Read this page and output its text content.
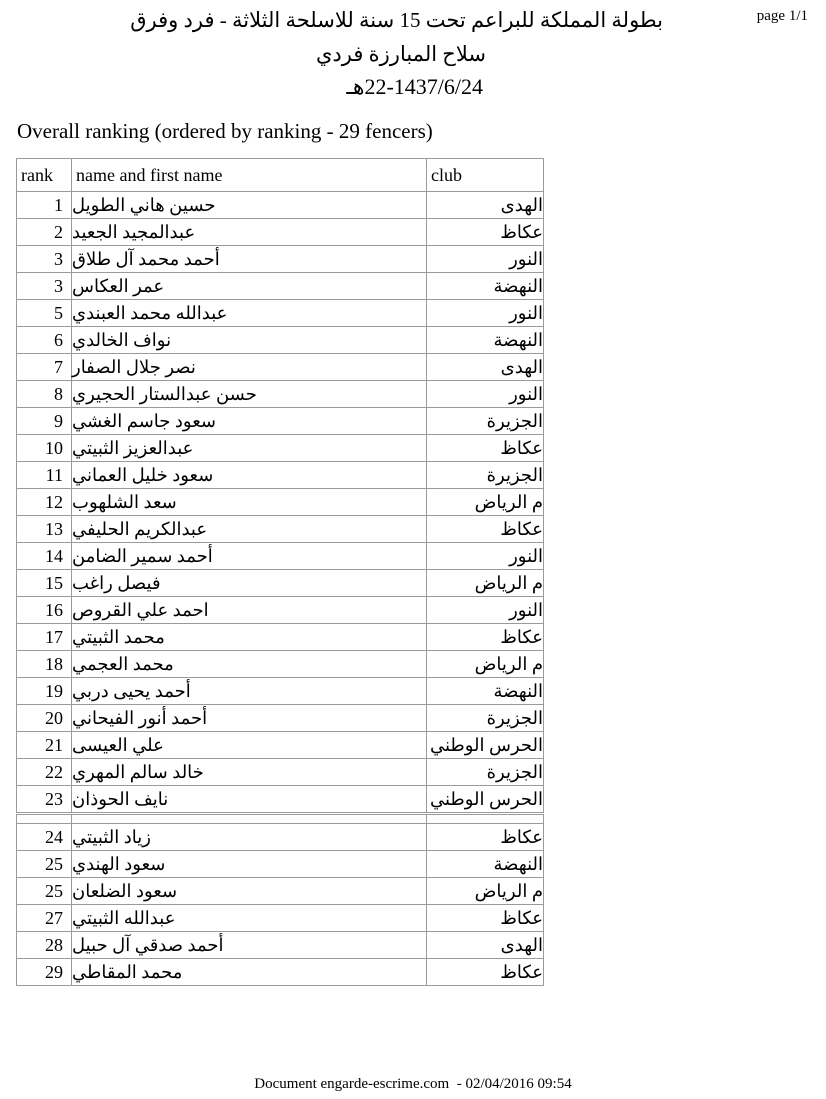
page 1/1
بطولة المملكة للبراعم تحت 15 سنة للاسلحة الثلاثة - فرد وفرق
سلاح المبارزة فردي
22-1437/6/24هـ
Overall ranking (ordered by ranking - 29 fencers)
rank	name and first name	club
1	حسين هاني الطويل	الهدى
2	عبدالمجيد الجعيد	عكاظ
3	أحمد محمد آل طلاق	النور
3	عمر العكاس	النهضة
5	عبدالله محمد العبندي	النور
6	نواف الخالدي	النهضة
7	نصر جلال الصفار	الهدى
8	حسن عبدالستار الحجيري	النور
9	سعود جاسم الغشي	الجزيرة
10	عبدالعزيز الثبيتي	عكاظ
11	سعود خليل العماني	الجزيرة
12	سعد الشلهوب	م الرياض
13	عبدالكريم الحليفي	عكاظ
14	أحمد سمير الضامن	النور
15	فيصل راغب	م الرياض
16	احمد علي القروص	النور
17	محمد الثبيتي	عكاظ
18	محمد العجمي	م الرياض
19	أحمد يحيى دربي	النهضة
20	أحمد أنور الفيحاني	الجزيرة
21	علي العيسى	الحرس الوطني
22	خالد سالم المهري	الجزيرة
23	نايف الحوذان	الحرس الوطني

24	زياد الثبيتي	عكاظ
25	سعود الهندي	النهضة
25	سعود الضلعان	م الرياض
27	عبدالله الثبيتي	عكاظ
28	أحمد صدقي آل حبيل	الهدى
29	محمد المقاطي	عكاظ
Document engarde-escrime.com  - 02/04/2016 09:54
